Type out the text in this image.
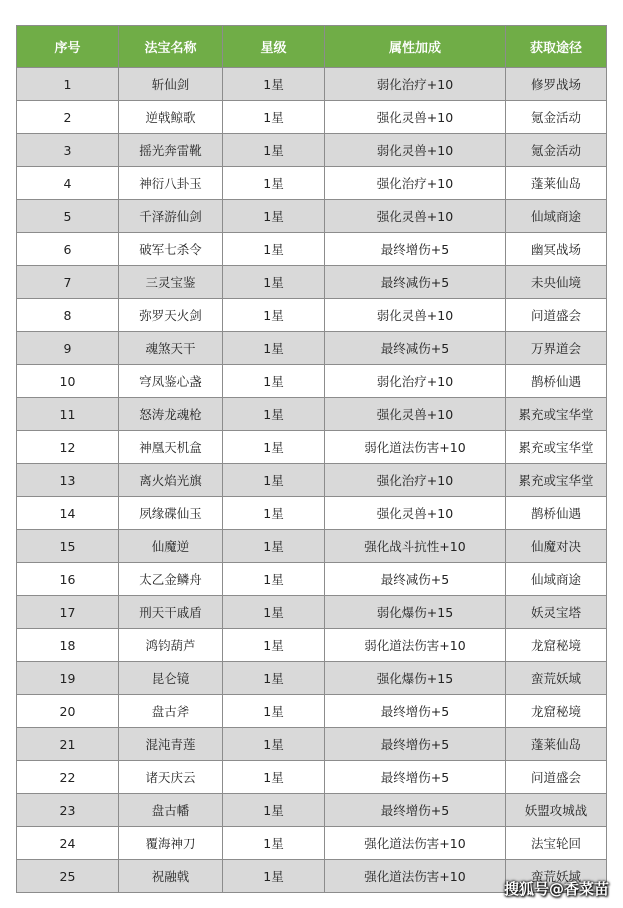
序号	法宝名称	星级	属性加成	获取途径
1	斩仙剑	1星	弱化治疗+10	修罗战场
2	逆戟鲸歌	1星	强化灵兽+10	氪金活动
3	摇光奔雷靴	1星	弱化灵兽+10	氪金活动
4	神衍八卦玉	1星	强化治疗+10	蓬莱仙岛
5	千泽游仙剑	1星	强化灵兽+10	仙域商途
6	破军七杀令	1星	最终增伤+5	幽冥战场
7	三灵宝鉴	1星	最终减伤+5	未央仙境
8	弥罗天火剑	1星	弱化灵兽+10	问道盛会
9	魂煞天干	1星	最终减伤+5	万界道会
10	穹凤鉴心盏	1星	弱化治疗+10	鹊桥仙遇
11	怒涛龙魂枪	1星	强化灵兽+10	累充或宝华堂
12	神凰天机盒	1星	弱化道法伤害+10	累充或宝华堂
13	离火焰光旗	1星	强化治疗+10	累充或宝华堂
14	夙缘碟仙玉	1星	强化灵兽+10	鹊桥仙遇
15	仙魔逆	1星	强化战斗抗性+10	仙魔对决
16	太乙金鳞舟	1星	最终减伤+5	仙域商途
17	刑天干戚盾	1星	弱化爆伤+15	妖灵宝塔
18	鸿钧葫芦	1星	弱化道法伤害+10	龙窟秘境
19	昆仑镜	1星	强化爆伤+15	蛮荒妖域
20	盘古斧	1星	最终增伤+5	龙窟秘境
21	混沌青莲	1星	最终增伤+5	蓬莱仙岛
22	诸天庆云	1星	最终增伤+5	问道盛会
23	盘古幡	1星	最终增伤+5	妖盟攻城战
24	覆海神刀	1星	强化道法伤害+10	法宝轮回
25	祝融戟	1星	强化道法伤害+10	蛮荒妖域
搜狐号@香菜苗
